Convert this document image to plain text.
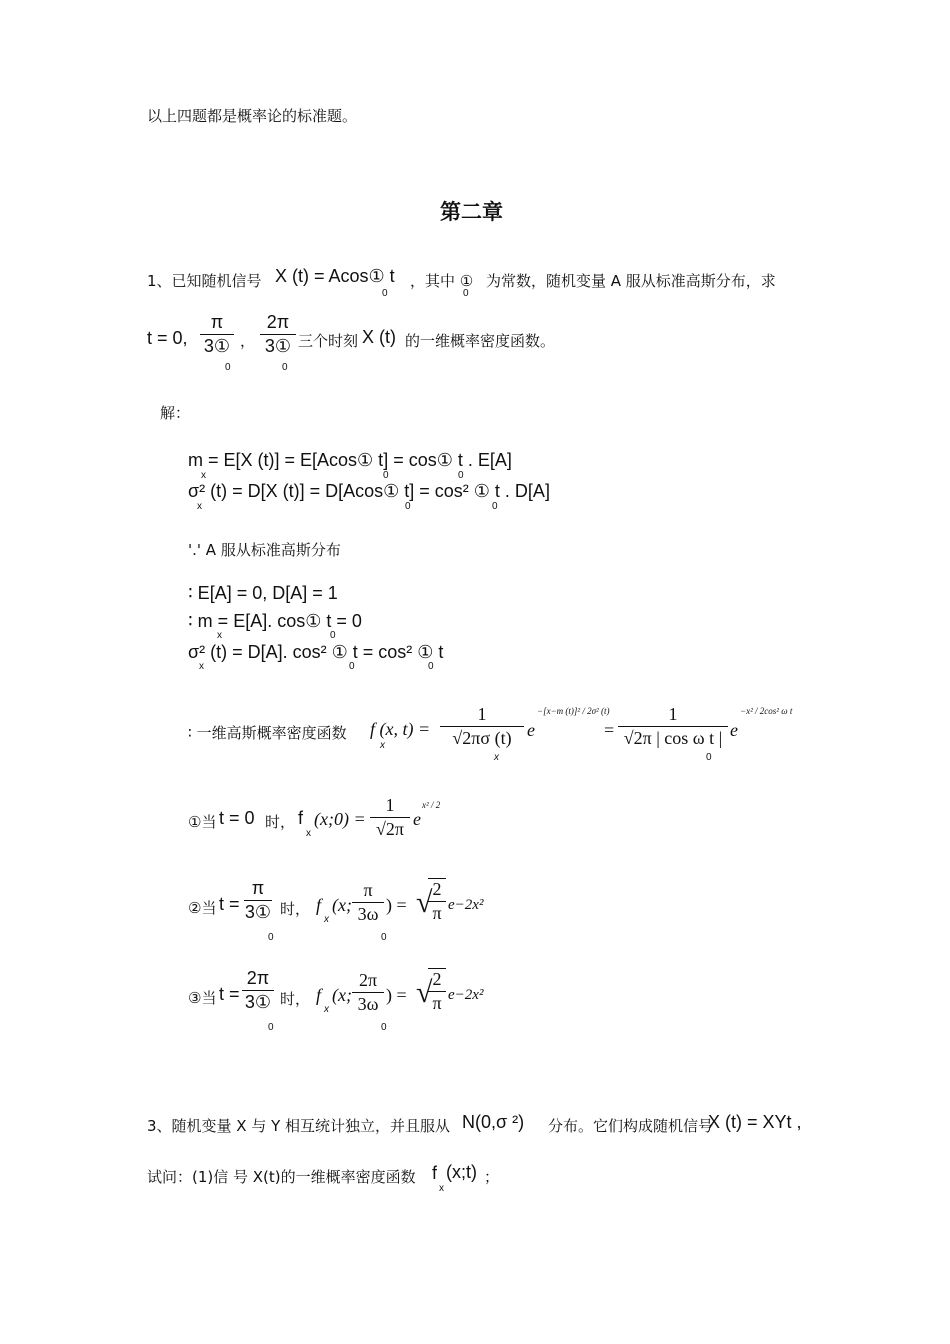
以上四题都是概率论的标准题。
第二章
1、已知随机信号 X (t) = Acos① t
0
，其中 ①
0
为常数，随机变量 A 服从标准高斯分布，求
t = 0, $\frac{\pi}{\text{3①}}$
0
， $\frac{2\pi}{\text{3①}}$
0
三个时刻 X (t) 的一维概率密度函数。
解：
m = E[X (t)] = E[Acos① t] = cos① t . E[A]
x	0	0
σ² (t) = D[X (t)] = D[Acos① t] = cos² ① t . D[A]
x	0	0
'.' A 服从标准高斯分布
∶ E[A] = 0, D[A] = 1
∶ m = E[A]. cos① t = 0
x	0
σ² (t) = D[A]. cos² ① t = cos² ① t
x	0	0
∶ 一维高斯概率密度函数 f (x, t) =
x	$\frac{1}{√2\pi\sigma (t)}$
x
e
−[x−m (t)]² / 2σ² (t)
= $\frac{1}{\text{√2π | cos ω t |}}$
0
e
−x² / 2cos² ω t
①当 t = 0 时， f
x
(x;0) = $\frac{1}{√2\pi}$ e
x² / 2
②当 $t = \frac{\pi}{\text{3①}}$
0
时， f
x
(x; $\frac{\pi}{3\omega}$
0
) = √
$\frac{2}{\pi} e-2x^2$
③当 $t = \frac{2\pi}{\text{3①}}$
0
时， f
x
(x; $\frac{2\pi}{3\omega}$
0
) = √
$\frac{2}{\pi} e-2x^2$
3、随机变量 X 与 Y 相互统计独立，并且服从 N(0,σ ²) 分布。它们构成随机信号
X (t) = XYt ,
试问：(1)信 号 X(t)的一维概率密度函数 f
x
(x;t) ；
